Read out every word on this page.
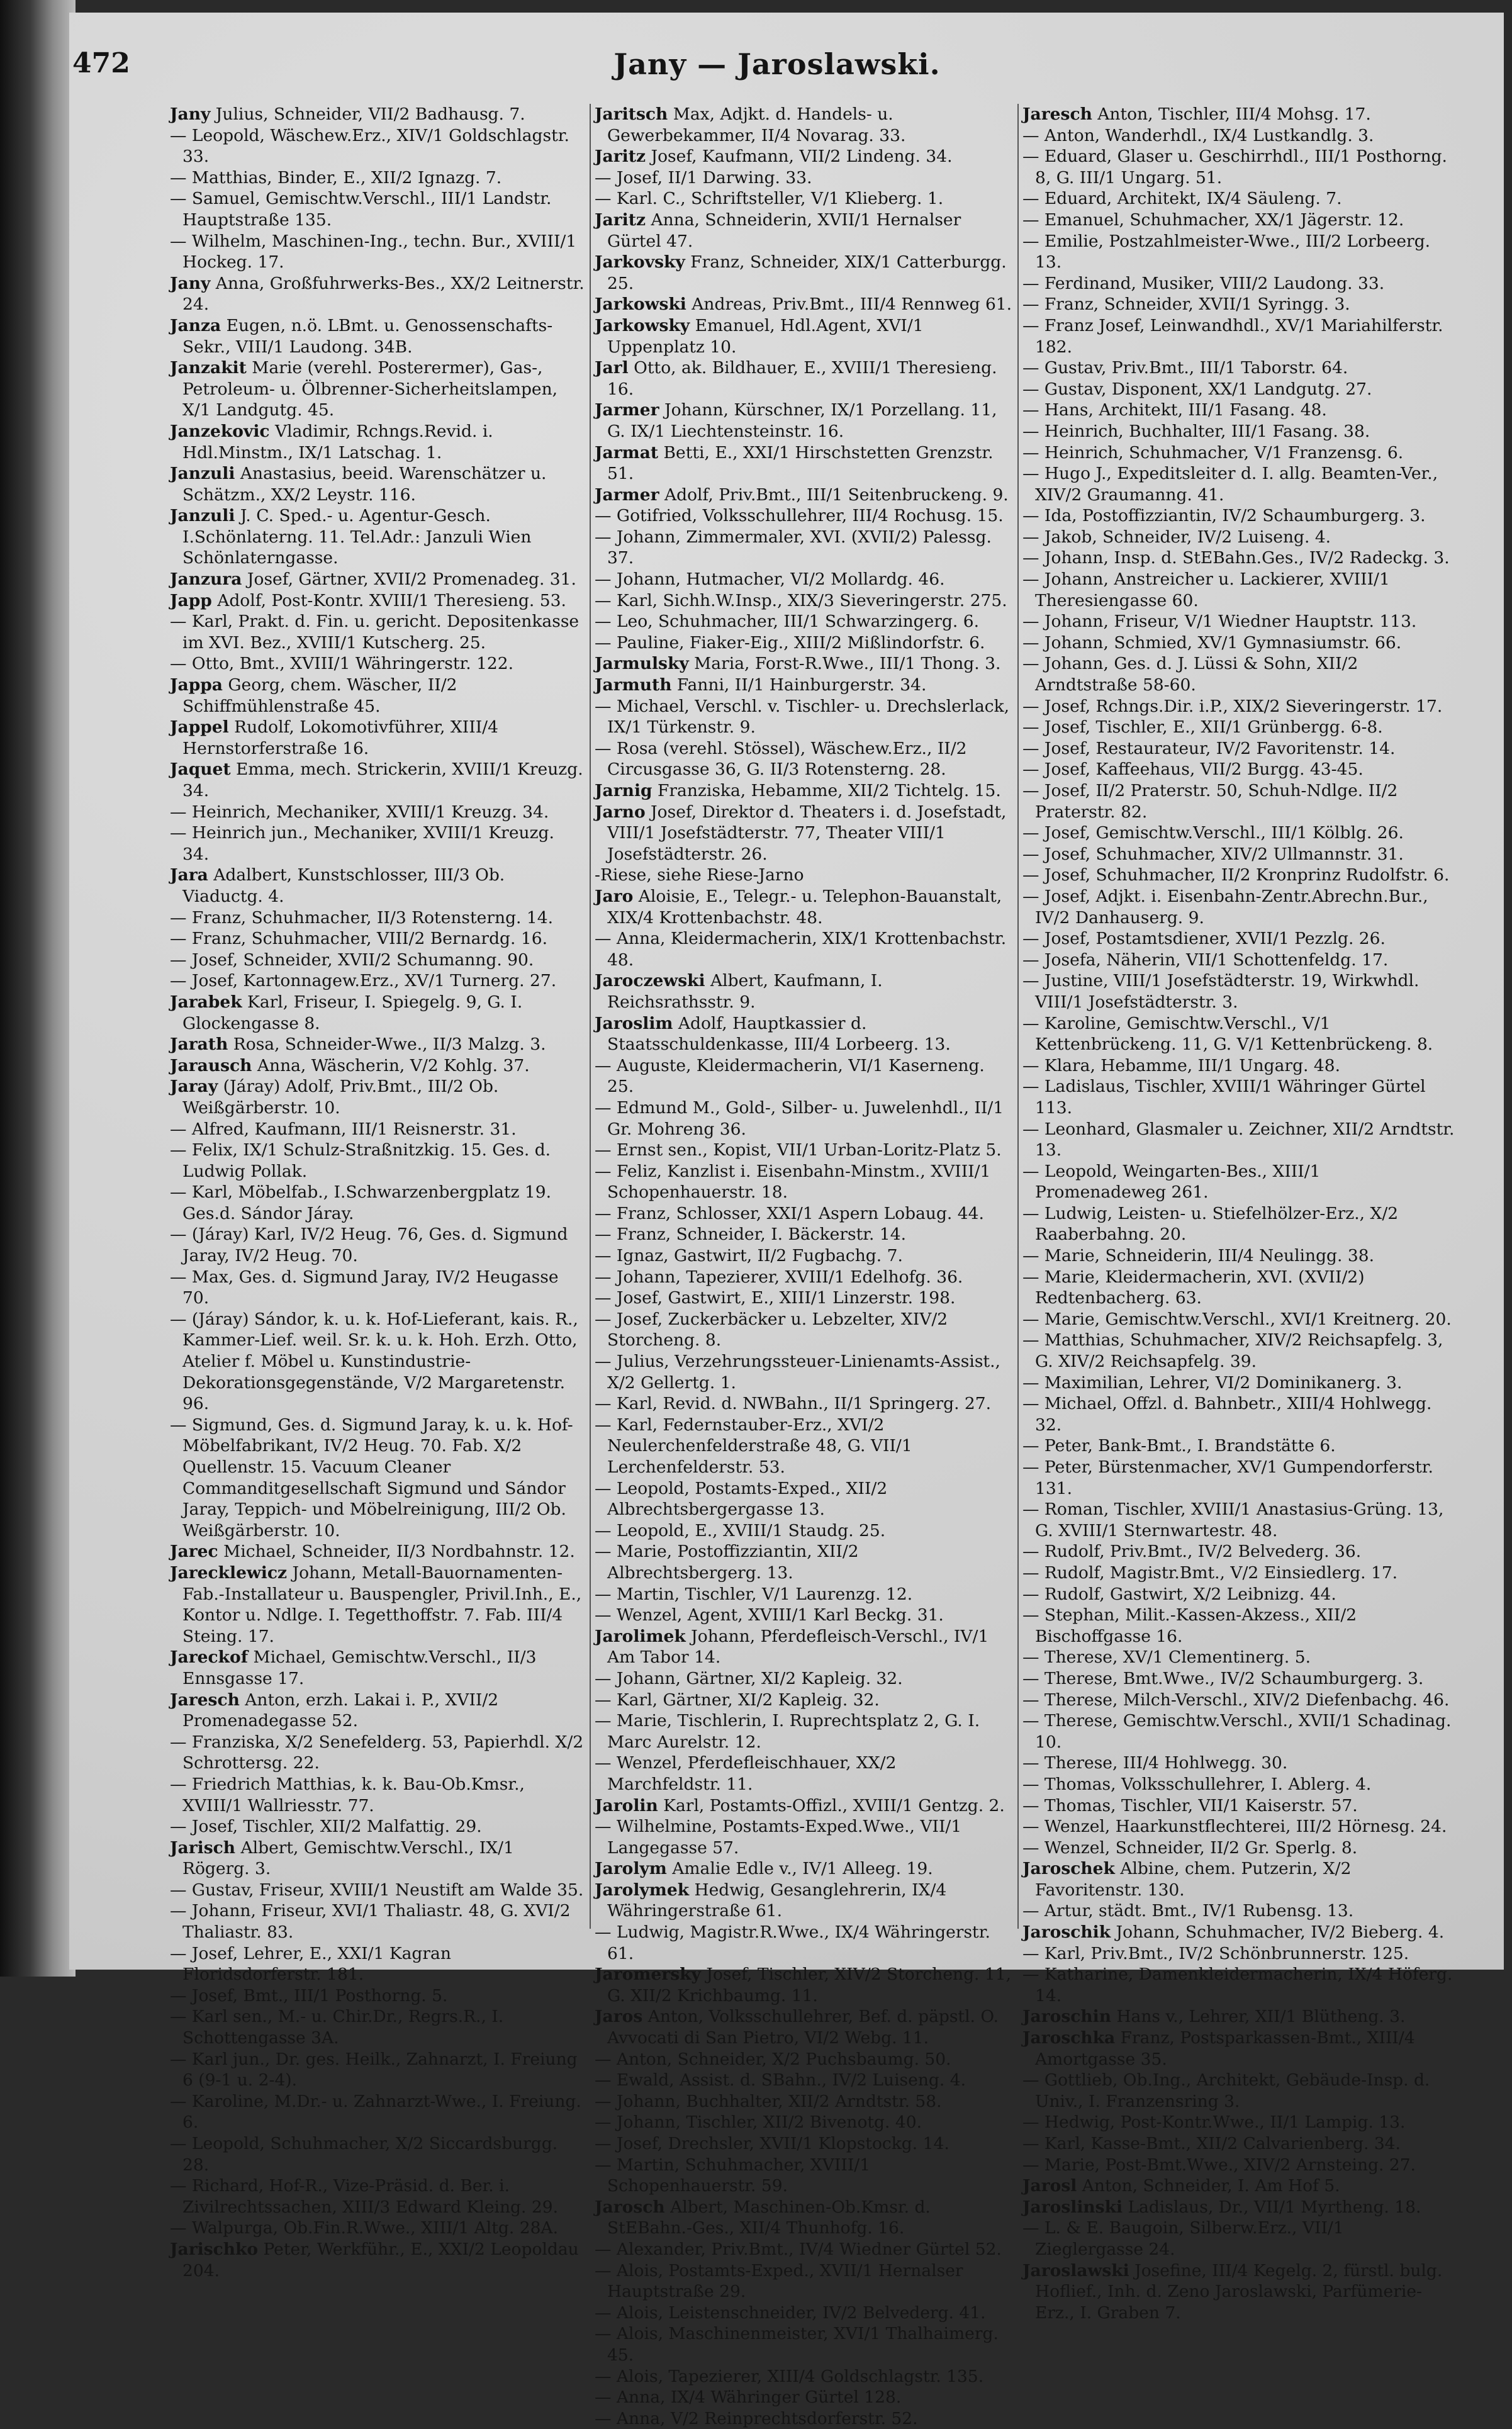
472	Jany — Jaroslawski.

Jany Julius, Schneider, VII/2 Badhausg. 7.

— Leopold, Wäschew.Erz., XIV/1 Goldschlagstr. 33.

— Matthias, Binder, E., XII/2 Ignazg. 7.

— Samuel, Gemischtw.Verschl., III/1 Landstr. Hauptstraße 135.

— Wilhelm, Maschinen-Ing., techn. Bur., XVIII/1 Hockeg. 17.

Jany Anna, Großfuhrwerks-Bes., XX/2 Leitnerstr. 24.

Janza Eugen, n.ö. LBmt. u. Genossenschafts-Sekr., VIII/1 Laudong. 34B.

Janzakit Marie (verehl. Posterermer), Gas-, Petroleum- u. Ölbrenner-Sicherheitslampen, X/1 Landgutg. 45.

Janzekovic Vladimir, Rchngs.Revid. i. Hdl.Minstm., IX/1 Latschag. 1.

Janzuli Anastasius, beeid. Warenschätzer u. Schätzm., XX/2 Leystr. 116.

Janzuli J. C. Sped.- u. Agentur-Gesch. I.Schönlaterng. 11. Tel.Adr.: Janzuli Wien Schönlaterngasse.

Janzura Josef, Gärtner, XVII/2 Promenadeg. 31.

Japp Adolf, Post-Kontr. XVIII/1 Theresieng. 53.

— Karl, Prakt. d. Fin. u. gericht. Depositenkasse im XVI. Bez., XVIII/1 Kutscherg. 25.

— Otto, Bmt., XVIII/1 Währingerstr. 122.

Jappa Georg, chem. Wäscher, II/2 Schiffmühlenstraße 45.

Jappel Rudolf, Lokomotivführer, XIII/4 Hernstorferstraße 16.

Jaquet Emma, mech. Strickerin, XVIII/1 Kreuzg. 34.

— Heinrich, Mechaniker, XVIII/1 Kreuzg. 34.

— Heinrich jun., Mechaniker, XVIII/1 Kreuzg. 34.

Jara Adalbert, Kunstschlosser, III/3 Ob. Viaductg. 4.

— Franz, Schuhmacher, II/3 Rotensterng. 14.

— Franz, Schuhmacher, VIII/2 Bernardg. 16.

— Josef, Schneider, XVII/2 Schumanng. 90.

— Josef, Kartonnagew.Erz., XV/1 Turnerg. 27.

Jarabek Karl, Friseur, I. Spiegelg. 9, G. I. Glockengasse 8.

Jarath Rosa, Schneider-Wwe., II/3 Malzg. 3.

Jarausch Anna, Wäscherin, V/2 Kohlg. 37.

Jaray (Járay) Adolf, Priv.Bmt., III/2 Ob. Weißgärberstr. 10.

— Alfred, Kaufmann, III/1 Reisnerstr. 31.

— Felix, IX/1 Schulz-Straßnitzkig. 15. Ges. d. Ludwig Pollak.

— Karl, Möbelfab., I.Schwarzenbergplatz 19. Ges.d. Sándor Járay.

— (Járay) Karl, IV/2 Heug. 76, Ges. d. Sigmund Jaray, IV/2 Heug. 70.

— Max, Ges. d. Sigmund Jaray, IV/2 Heugasse 70.

— (Járay) Sándor, k. u. k. Hof-Lieferant, kais. R., Kammer-Lief. weil. Sr. k. u. k. Hoh. Erzh. Otto, Atelier f. Möbel u. Kunstindustrie-Dekorationsgegenstände, V/2 Margaretenstr. 96.

— Sigmund, Ges. d. Sigmund Jaray, k. u. k. Hof-Möbelfabrikant, IV/2 Heug. 70. Fab. X/2 Quellenstr. 15. Vacuum Cleaner Commanditgesellschaft Sigmund und Sándor Jaray, Teppich- und Möbelreinigung, III/2 Ob. Weißgärberstr. 10.

Jarec Michael, Schneider, II/3 Nordbahnstr. 12.

Jarecklewicz Johann, Metall-Bauornamenten-Fab.-Installateur u. Bauspengler, Privil.Inh., E., Kontor u. Ndlge. I. Tegetthoffstr. 7. Fab. III/4 Steing. 17.

Jareckof Michael, Gemischtw.Verschl., II/3 Ennsgasse 17.

Jaresch Anton, erzh. Lakai i. P., XVII/2 Promenadegasse 52.

— Franziska, X/2 Senefelderg. 53, Papierhdl. X/2 Schrottersg. 22.

— Friedrich Matthias, k. k. Bau-Ob.Kmsr., XVIII/1 Wallriesstr. 77.

— Josef, Tischler, XII/2 Malfattig. 29.

Jarisch Albert, Gemischtw.Verschl., IX/1 Rögerg. 3.

— Gustav, Friseur, XVIII/1 Neustift am Walde 35.

— Johann, Friseur, XVI/1 Thaliastr. 48, G. XVI/2 Thaliastr. 83.

— Josef, Lehrer, E., XXI/1 Kagran Floridsdorferstr. 181.

— Josef, Bmt., III/1 Posthorng. 5.

— Karl sen., M.- u. Chir.Dr., Regrs.R., I. Schottengasse 3A.

— Karl jun., Dr. ges. Heilk., Zahnarzt, I. Freiung 6 (9-1 u. 2-4).

— Karoline, M.Dr.- u. Zahnarzt-Wwe., I. Freiung. 6.

— Leopold, Schuhmacher, X/2 Siccardsburgg. 28.

— Richard, Hof-R., Vize-Präsid. d. Ber. i. Zivilrechtssachen, XIII/3 Edward Kleing. 29.

— Walpurga, Ob.Fin.R.Wwe., XIII/1 Altg. 28A.

Jarischko Peter, Werkführ., E., XXI/2 Leopoldau 204.

Jaritsch Max, Adjkt. d. Handels- u. Gewerbekammer, II/4 Novarag. 33.

Jaritz Josef, Kaufmann, VII/2 Lindeng. 34.

— Josef, II/1 Darwing. 33.

— Karl. C., Schriftsteller, V/1 Klieberg. 1.

Jaritz Anna, Schneiderin, XVII/1 Hernalser Gürtel 47.

Jarkovsky Franz, Schneider, XIX/1 Catterburgg. 25.

Jarkowski Andreas, Priv.Bmt., III/4 Rennweg 61.

Jarkowsky Emanuel, Hdl.Agent, XVI/1 Uppenplatz 10.

Jarl Otto, ak. Bildhauer, E., XVIII/1 Theresieng. 16.

Jarmer Johann, Kürschner, IX/1 Porzellang. 11, G. IX/1 Liechtensteinstr. 16.

Jarmat Betti, E., XXI/1 Hirschstetten Grenzstr. 51.

Jarmer Adolf, Priv.Bmt., III/1 Seitenbruckeng. 9.

— Gotifried, Volksschullehrer, III/4 Rochusg. 15.

— Johann, Zimmermaler, XVI. (XVII/2) Palessg. 37.

— Johann, Hutmacher, VI/2 Mollardg. 46.

— Karl, Sichh.W.Insp., XIX/3 Sieveringerstr. 275.

— Leo, Schuhmacher, III/1 Schwarzingerg. 6.

— Pauline, Fiaker-Eig., XIII/2 Mißlindorfstr. 6.

Jarmulsky Maria, Forst-R.Wwe., III/1 Thong. 3.

Jarmuth Fanni, II/1 Hainburgerstr. 34.

— Michael, Verschl. v. Tischler- u. Drechslerlack, IX/1 Türkenstr. 9.

— Rosa (verehl. Stössel), Wäschew.Erz., II/2 Circusgasse 36, G. II/3 Rotensterng. 28.

Jarnig Franziska, Hebamme, XII/2 Tichtelg. 15.

Jarno Josef, Direktor d. Theaters i. d. Josefstadt, VIII/1 Josefstädterstr. 77, Theater VIII/1 Josefstädterstr. 26.

-Riese, siehe Riese-Jarno

Jaro Aloisie, E., Telegr.- u. Telephon-Bauanstalt, XIX/4 Krottenbachstr. 48.

— Anna, Kleidermacherin, XIX/1 Krottenbachstr. 48.

Jaroczewski Albert, Kaufmann, I. Reichsrathsstr. 9.

Jaroslim Adolf, Hauptkassier d. Staatsschuldenkasse, III/4 Lorbeerg. 13.

— Auguste, Kleidermacherin, VI/1 Kaserneng. 25.

— Edmund M., Gold-, Silber- u. Juwelenhdl., II/1 Gr. Mohreng 36.

— Ernst sen., Kopist, VII/1 Urban-Loritz-Platz 5.

— Feliz, Kanzlist i. Eisenbahn-Minstm., XVIII/1 Schopenhauerstr. 18.

— Franz, Schlosser, XXI/1 Aspern Lobaug. 44.

— Franz, Schneider, I. Bäckerstr. 14.

— Ignaz, Gastwirt, II/2 Fugbachg. 7.

— Johann, Tapezierer, XVIII/1 Edelhofg. 36.

— Josef, Gastwirt, E., XIII/1 Linzerstr. 198.

— Josef, Zuckerbäcker u. Lebzelter, XIV/2 Storcheng. 8.

— Julius, Verzehrungssteuer-Linienamts-Assist., X/2 Gellertg. 1.

— Karl, Revid. d. NWBahn., II/1 Springerg. 27.

— Karl, Federnstauber-Erz., XVI/2 Neulerchenfelderstraße 48, G. VII/1 Lerchenfelderstr. 53.

— Leopold, Postamts-Exped., XII/2 Albrechtsbergergasse 13.

— Leopold, E., XVIII/1 Staudg. 25.

— Marie, Postoffizziantin, XII/2 Albrechtsbergerg. 13.

— Martin, Tischler, V/1 Laurenzg. 12.

— Wenzel, Agent, XVIII/1 Karl Beckg. 31.

Jarolimek Johann, Pferdefleisch-Verschl., IV/1 Am Tabor 14.

— Johann, Gärtner, XI/2 Kapleig. 32.

— Karl, Gärtner, XI/2 Kapleig. 32.

— Marie, Tischlerin, I. Ruprechtsplatz 2, G. I. Marc Aurelstr. 12.

— Wenzel, Pferdefleischhauer, XX/2 Marchfeldstr. 11.

Jarolin Karl, Postamts-Offizl., XVIII/1 Gentzg. 2.

— Wilhelmine, Postamts-Exped.Wwe., VII/1 Langegasse 57.

Jarolym Amalie Edle v., IV/1 Alleeg. 19.

Jarolymek Hedwig, Gesanglehrerin, IX/4 Währingerstraße 61.

— Ludwig, Magistr.R.Wwe., IX/4 Währingerstr. 61.

Jaromersky Josef, Tischler, XIV/2 Storcheng. 11, G. XII/2 Krichbaumg. 11.

Jaros Anton, Volksschullehrer, Bef. d. päpstl. O. Avvocati di San Pietro, VI/2 Webg. 11.

— Anton, Schneider, X/2 Puchsbaumg. 50.

— Ewald, Assist. d. SBahn., IV/2 Luiseng. 4.

— Johann, Buchhalter, XII/2 Arndtstr. 58.

— Johann, Tischler, XII/2 Bivenotg. 40.

— Josef, Drechsler, XVII/1 Klopstockg. 14.

— Martin, Schuhmacher, XVIII/1 Schopenhauerstr. 59.

Jarosch Albert, Maschinen-Ob.Kmsr. d. StEBahn.-Ges., XII/4 Thunhofg. 16.

— Alexander, Priv.Bmt., IV/4 Wiedner Gürtel 52.

— Alois, Postamts-Exped., XVII/1 Hernalser Hauptstraße 29.

— Alois, Leistenschneider, IV/2 Belvederg. 41.

— Alois, Maschinenmeister, XVI/1 Thalhaimerg. 45.

— Alois, Tapezierer, XIII/4 Goldschlagstr. 135.

— Anna, IX/4 Währinger Gürtel 128.

— Anna, V/2 Reinprechtsdorferstr. 52.

Jaresch Anton, Tischler, III/4 Mohsg. 17.

— Anton, Wanderhdl., IX/4 Lustkandlg. 3.

— Eduard, Glaser u. Geschirrhdl., III/1 Posthorng. 8, G. III/1 Ungarg. 51.

— Eduard, Architekt, IX/4 Säuleng. 7.

— Emanuel, Schuhmacher, XX/1 Jägerstr. 12.

— Emilie, Postzahlmeister-Wwe., III/2 Lorbeerg. 13.

— Ferdinand, Musiker, VIII/2 Laudong. 33.

— Franz, Schneider, XVII/1 Syringg. 3.

— Franz Josef, Leinwandhdl., XV/1 Mariahilferstr. 182.

— Gustav, Priv.Bmt., III/1 Taborstr. 64.

— Gustav, Disponent, XX/1 Landgutg. 27.

— Hans, Architekt, III/1 Fasang. 48.

— Heinrich, Buchhalter, III/1 Fasang. 38.

— Heinrich, Schuhmacher, V/1 Franzensg. 6.

— Hugo J., Expeditsleiter d. I. allg. Beamten-Ver., XIV/2 Graumanng. 41.

— Ida, Postoffizziantin, IV/2 Schaumburgerg. 3.

— Jakob, Schneider, IV/2 Luiseng. 4.

— Johann, Insp. d. StEBahn.Ges., IV/2 Radeckg. 3.

— Johann, Anstreicher u. Lackierer, XVIII/1 Theresiengasse 60.

— Johann, Friseur, V/1 Wiedner Hauptstr. 113.

— Johann, Schmied, XV/1 Gymnasiumstr. 66.

— Johann, Ges. d. J. Lüssi & Sohn, XII/2 Arndtstraße 58-60.

— Josef, Rchngs.Dir. i.P., XIX/2 Sieveringerstr. 17.

— Josef, Tischler, E., XII/1 Grünbergg. 6-8.

— Josef, Restaurateur, IV/2 Favoritenstr. 14.

— Josef, Kaffeehaus, VII/2 Burgg. 43-45.

— Josef, II/2 Praterstr. 50, Schuh-Ndlge. II/2 Praterstr. 82.

— Josef, Gemischtw.Verschl., III/1 Kölblg. 26.

— Josef, Schuhmacher, XIV/2 Ullmannstr. 31.

— Josef, Schuhmacher, II/2 Kronprinz Rudolfstr. 6.

— Josef, Adjkt. i. Eisenbahn-Zentr.Abrechn.Bur., IV/2 Danhauserg. 9.

— Josef, Postamtsdiener, XVII/1 Pezzlg. 26.

— Josefa, Näherin, VII/1 Schottenfeldg. 17.

— Justine, VIII/1 Josefstädterstr. 19, Wirkwhdl. VIII/1 Josefstädterstr. 3.

— Karoline, Gemischtw.Verschl., V/1 Kettenbrückeng. 11, G. V/1 Kettenbrückeng. 8.

— Klara, Hebamme, III/1 Ungarg. 48.

— Ladislaus, Tischler, XVIII/1 Währinger Gürtel 113.

— Leonhard, Glasmaler u. Zeichner, XII/2 Arndtstr. 13.

— Leopold, Weingarten-Bes., XIII/1 Promenadeweg 261.

— Ludwig, Leisten- u. Stiefelhölzer-Erz., X/2 Raaberbahng. 20.

— Marie, Schneiderin, III/4 Neulingg. 38.

— Marie, Kleidermacherin, XVI. (XVII/2) Redtenbacherg. 63.

— Marie, Gemischtw.Verschl., XVI/1 Kreitnerg. 20.

— Matthias, Schuhmacher, XIV/2 Reichsapfelg. 3, G. XIV/2 Reichsapfelg. 39.

— Maximilian, Lehrer, VI/2 Dominikanerg. 3.

— Michael, Offzl. d. Bahnbetr., XIII/4 Hohlwegg. 32.

— Peter, Bank-Bmt., I. Brandstätte 6.

— Peter, Bürstenmacher, XV/1 Gumpendorferstr. 131.

— Roman, Tischler, XVIII/1 Anastasius-Grüng. 13, G. XVIII/1 Sternwartestr. 48.

— Rudolf, Priv.Bmt., IV/2 Belvederg. 36.

— Rudolf, Magistr.Bmt., V/2 Einsiedlerg. 17.

— Rudolf, Gastwirt, X/2 Leibnizg. 44.

— Stephan, Milit.-Kassen-Akzess., XII/2 Bischoffgasse 16.

— Therese, XV/1 Clementinerg. 5.

— Therese, Bmt.Wwe., IV/2 Schaumburgerg. 3.

— Therese, Milch-Verschl., XIV/2 Diefenbachg. 46.

— Therese, Gemischtw.Verschl., XVII/1 Schadinag. 10.

— Therese, III/4 Hohlwegg. 30.

— Thomas, Volksschullehrer, I. Ablerg. 4.

— Thomas, Tischler, VII/1 Kaiserstr. 57.

— Wenzel, Haarkunstflechterei, III/2 Hörnesg. 24.

— Wenzel, Schneider, II/2 Gr. Sperlg. 8.

Jaroschek Albine, chem. Putzerin, X/2 Favoritenstr. 130.

— Artur, städt. Bmt., IV/1 Rubensg. 13.

Jaroschik Johann, Schuhmacher, IV/2 Bieberg. 4.

— Karl, Priv.Bmt., IV/2 Schönbrunnerstr. 125.

— Katharine, Damenkleidermacherin, IX/4 Höferg. 14.

Jaroschin Hans v., Lehrer, XII/1 Blütheng. 3.

Jaroschka Franz, Postsparkassen-Bmt., XIII/4 Amortgasse 35.

— Gottlieb, Ob.Ing., Architekt, Gebäude-Insp. d. Univ., I. Franzensring 3.

— Hedwig, Post-Kontr.Wwe., II/1 Lampig. 13.

— Karl, Kasse-Bmt., XII/2 Calvarienberg. 34.

— Marie, Post-Bmt.Wwe., XIV/2 Arnsteing. 27.

Jarosl Anton, Schneider, I. Am Hof 5.

Jaroslinski Ladislaus, Dr., VII/1 Myrtheng. 18.

— L. & E. Baugoin, Silberw.Erz., VII/1 Zieglergasse 24.

Jaroslawski Josefine, III/4 Kegelg. 2, fürstl. bulg. Hoflief., Inh. d. Zeno Jaroslawski, Parfümerie-Erz., I. Graben 7.
